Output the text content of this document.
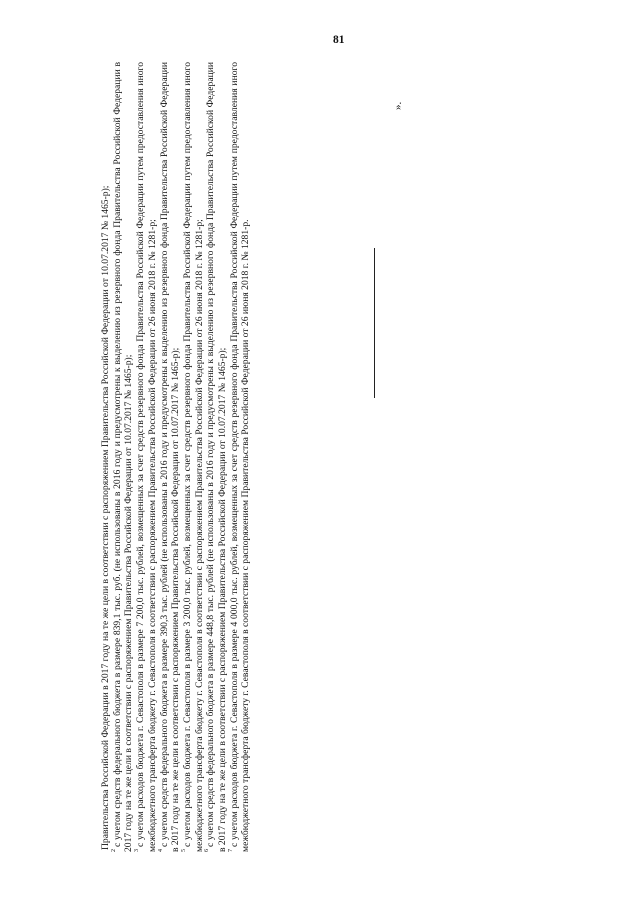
81

Правительства Российской Федерации в 2017 году на те же цели в соответствии с распоряжением Правительства Российской Федерации от 10.07.2017 № 1465-р);

$^2$с учетом средств федерального бюджета в размере 839,1 тыс. руб. (не использованы в 2016 году и предусмотрены к выделению из резервного фонда Правительства Российской Федерации в 2017 году на те же цели в соответствии с распоряжением Правительства Российской Федерации от 10.07.2017 № 1465-р); $^3$с учетом расходов бюджета г. Севастополя в размере 7 200,0 тыс. рублей, возмещенных за счет средств резервного фонда Правительства Российской Федерации путем предоставления иного межбюджетного трансферта бюджету г. Севастополя в соответствии с распоряжением Правительства Российской Федерации от 26 июня 2018 г. № 1281-р; $^4$с учетом средств федерального бюджета в размере 390,3 тыс. рублей (не использованы в 2016 году и предусмотрены к выделению из резервного фонда Правительства Российской Федерации в 2017 году на те же цели в соответствии с распоряжением Правительства Российской Федерации от 10.07.2017 № 1465-р); $^5$с учетом расходов бюджета г. Севастополя в размере 3 200,0 тыс. рублей, возмещенных за счет средств резервного фонда Правительства Российской Федерации путем предоставления иного межбюджетного трансферта бюджету г. Севастополя в соответствии с распоряжением Правительства Российской Федерации от 26 июня 2018 г. № 1281-р; $^6$с учетом средств федерального бюджета в размере 448,8 тыс. рублей (не использованы в 2016 году и предусмотрены к выделению из резервного фонда Правительства Российской Федерации в 2017 году на те же цели в соответствии с распоряжением Правительства Российской Федерации от 10.07.2017 № 1465-р); $^7$с учетом расходов бюджета г. Севастополя в размере 4 000,0 тыс. рублей, возмещенных за счет средств резервного фонда Правительства Российской Федерации путем предоставления иного межбюджетного трансферта бюджету г. Севастополя в соответствии с распоряжением Правительства Российской Федерации от 26 июня 2018 г. № 1281-р.

».
